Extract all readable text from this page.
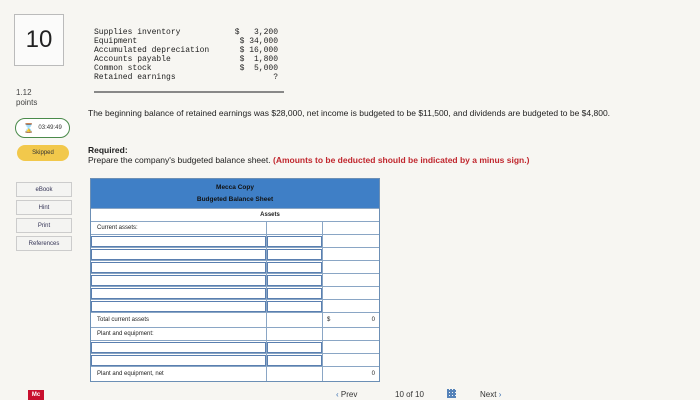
10
1.12
points
⌛ 03:49:49
Skipped
eBook
Hint
Print
References
Mc
Supplies inventory	$   3,200
Equipment	$ 34,000
Accumulated depreciation	$ 16,000
Accounts payable	$  1,800
Common stock	$  5,000
Retained earnings	?
The beginning balance of retained earnings was $28,000, net income is budgeted to be $11,500, and dividends are budgeted to be $4,800.
Required:
Prepare the company's budgeted balance sheet. (Amounts to be deducted should be indicated by a minus sign.)
Mecca Copy
Budgeted Balance Sheet
Assets
Current assets:
Total current assets	$	0
Plant and equipment:
Plant and equipment, net	0
‹ Prev	10 of 10	Next ›
